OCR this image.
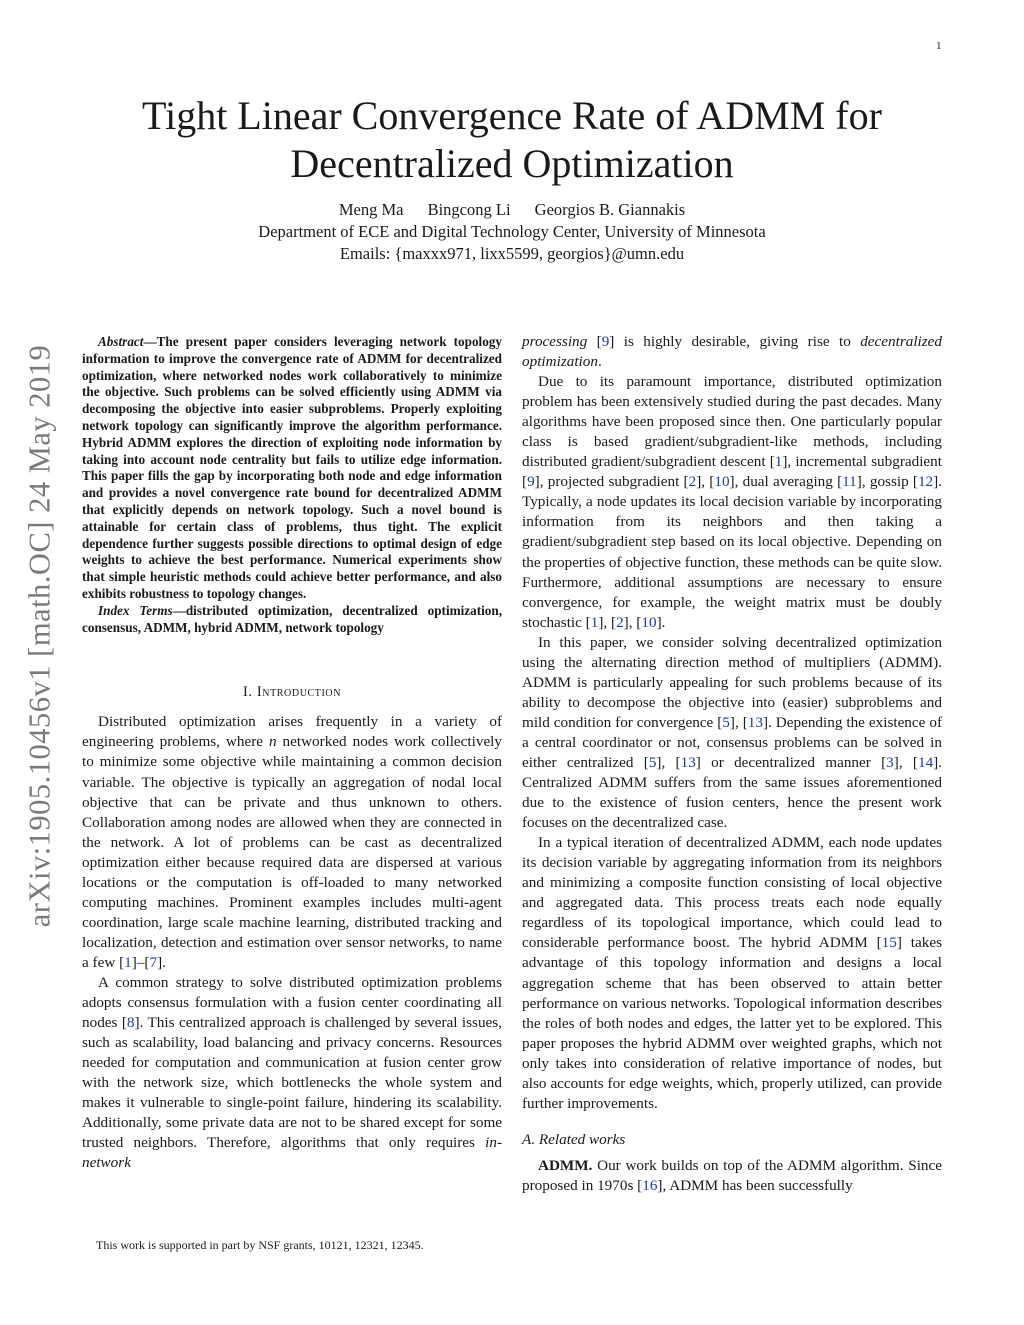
1
arXiv:1905.10456v1 [math.OC] 24 May 2019
Tight Linear Convergence Rate of ADMM for
Decentralized Optimization
Meng Ma Bingcong Li Georgios B. Giannakis
Department of ECE and Digital Technology Center, University of Minnesota
Emails: {maxxx971, lixx5599, georgios}@umn.edu

Abstract—The present paper considers leveraging network topology information to improve the convergence rate of ADMM for decentralized optimization, where networked nodes work collaboratively to minimize the objective. Such problems can be solved efficiently using ADMM via decomposing the objective into easier subproblems. Properly exploiting network topology can significantly improve the algorithm performance. Hybrid ADMM explores the direction of exploiting node information by taking into account node centrality but fails to utilize edge information. This paper fills the gap by incorporating both node and edge information and provides a novel convergence rate bound for decentralized ADMM that explicitly depends on network topology. Such a novel bound is attainable for certain class of problems, thus tight. The explicit dependence further suggests possible directions to optimal design of edge weights to achieve the best performance. Numerical experiments show that simple heuristic methods could achieve better performance, and also exhibits robustness to topology changes.

Index Terms—distributed optimization, decentralized optimization, consensus, ADMM, hybrid ADMM, network topology

I. Introduction

Distributed optimization arises frequently in a variety of engineering problems, where n networked nodes work collectively to minimize some objective while maintaining a common decision variable. The objective is typically an aggregation of nodal local objective that can be private and thus unknown to others. Collaboration among nodes are allowed when they are connected in the network. A lot of problems can be cast as decentralized optimization either because required data are dispersed at various locations or the computation is off-loaded to many networked computing machines. Prominent examples includes multi-agent coordination, large scale machine learning, distributed tracking and localization, detection and estimation over sensor networks, to name a few [1]–[7].

A common strategy to solve distributed optimization problems adopts consensus formulation with a fusion center coordinating all nodes [8]. This centralized approach is challenged by several issues, such as scalability, load balancing and privacy concerns. Resources needed for computation and communication at fusion center grow with the network size, which bottlenecks the whole system and makes it vulnerable to single-point failure, hindering its scalability. Additionally, some private data are not to be shared except for some trusted neighbors. Therefore, algorithms that only requires in-network

This work is supported in part by NSF grants, 10121, 12321, 12345.

processing [9] is highly desirable, giving rise to decentralized optimization.

Due to its paramount importance, distributed optimization problem has been extensively studied during the past decades. Many algorithms have been proposed since then. One particularly popular class is based gradient/subgradient-like methods, including distributed gradient/subgradient descent [1], incremental subgradient [9], projected subgradient [2], [10], dual averaging [11], gossip [12]. Typically, a node updates its local decision variable by incorporating information from its neighbors and then taking a gradient/subgradient step based on its local objective. Depending on the properties of objective function, these methods can be quite slow. Furthermore, additional assumptions are necessary to ensure convergence, for example, the weight matrix must be doubly stochastic [1], [2], [10].

In this paper, we consider solving decentralized optimization using the alternating direction method of multipliers (ADMM). ADMM is particularly appealing for such problems because of its ability to decompose the objective into (easier) subproblems and mild condition for convergence [5], [13]. Depending the existence of a central coordinator or not, consensus problems can be solved in either centralized [5], [13] or decentralized manner [3], [14]. Centralized ADMM suffers from the same issues aforementioned due to the existence of fusion centers, hence the present work focuses on the decentralized case.

In a typical iteration of decentralized ADMM, each node updates its decision variable by aggregating information from its neighbors and minimizing a composite function consisting of local objective and aggregated data. This process treats each node equally regardless of its topological importance, which could lead to considerable performance boost. The hybrid ADMM [15] takes advantage of this topology information and designs a local aggregation scheme that has been observed to attain better performance on various networks. Topological information describes the roles of both nodes and edges, the latter yet to be explored. This paper proposes the hybrid ADMM over weighted graphs, which not only takes into consideration of relative importance of nodes, but also accounts for edge weights, which, properly utilized, can provide further improvements.

A. Related works

ADMM. Our work builds on top of the ADMM algorithm. Since proposed in 1970s [16], ADMM has been successfully
